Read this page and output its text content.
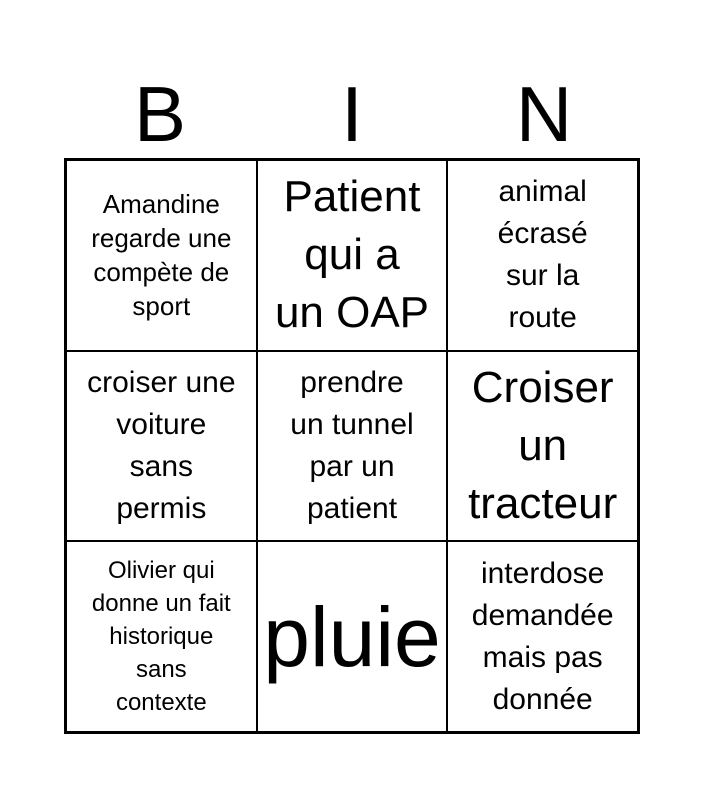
B	I	N
Amandine
regarde une
compète de
sport
Patient
qui a
un OAP
animal
écrasé
sur la
route
croiser une
voiture
sans
permis
prendre
un tunnel
par un
patient
Croiser
un
tracteur
Olivier qui
donne un fait
historique
sans
contexte
pluie
interdose
demandée
mais pas
donnée
